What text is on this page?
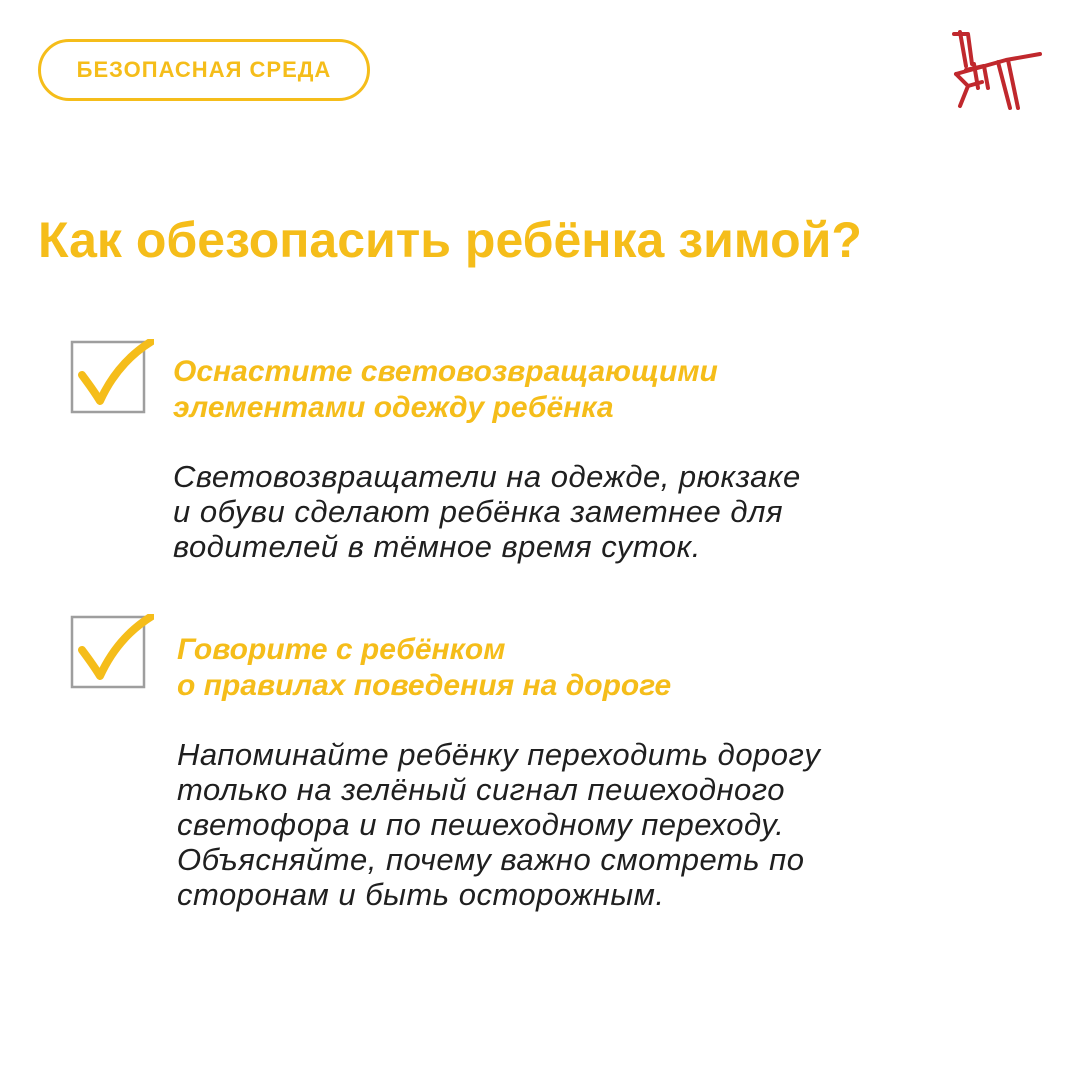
БЕЗОПАСНАЯ СРЕДА
Как обезопасить ребёнка зимой?
Оснастите световозвращающими
элементами одежду ребёнка
Световозвращатели на одежде, рюкзаке
и обуви сделают ребёнка заметнее для
водителей в тёмное время суток.
Говорите с ребёнком
о правилах поведения на дороге
Напоминайте ребёнку переходить дорогу
только на зелёный сигнал пешеходного
светофора и по пешеходному переходу.
Объясняйте, почему важно смотреть по
сторонам и быть осторожным.
